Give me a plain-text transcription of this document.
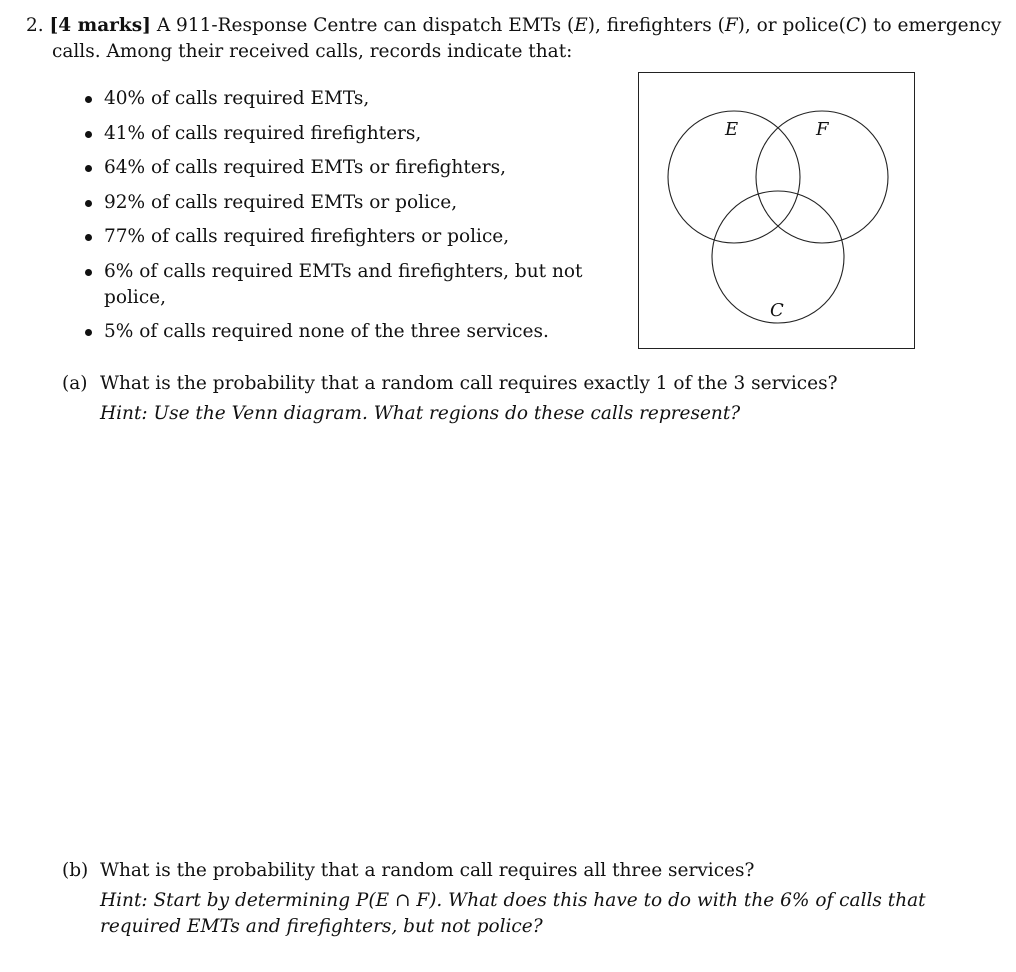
2. [4 marks] A 911-Response Centre can dispatch EMTs (E), firefighters (F), or police(C) to emergency
calls. Among their received calls, records indicate that:
40% of calls required EMTs,
41% of calls required firefighters,
64% of calls required EMTs or firefighters,
92% of calls required EMTs or police,
77% of calls required firefighters or police,
6% of calls required EMTs and firefighters, but not police,
5% of calls required none of the three services.
E	F
C
(a) What is the probability that a random call requires exactly 1 of the 3 services?
Hint: Use the Venn diagram. What regions do these calls represent?
(b) What is the probability that a random call requires all three services?
Hint: Start by determining P(E ∩ F). What does this have to do with the 6% of calls that
required EMTs and firefighters, but not police?
